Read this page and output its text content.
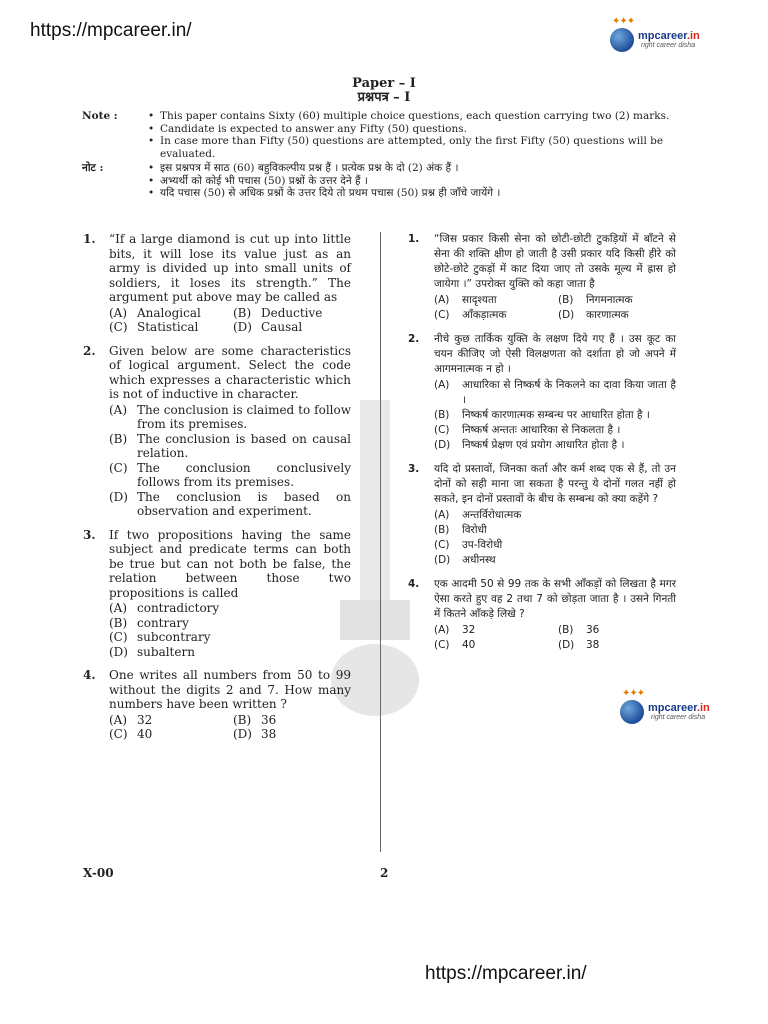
https://mpcareer.in/	✦✦✦
mpcareer.in
right career disha
Paper – I
प्रश्नपत्र – I
Note :	• This paper contains Sixty (60) multiple choice questions, each question carrying two (2) marks.
• Candidate is expected to answer any Fifty (50) questions.
• In case more than Fifty (50) questions are attempted, only the first Fifty (50) questions will be evaluated.
नोट :	• इस प्रश्नपत्र में साठ (60) बहुविकल्पीय प्रश्न हैं । प्रत्येक प्रश्न के दो (2) अंक हैं ।
• अभ्यर्थी को कोई भी पचास (50) प्रश्नों के उत्तर देने हैं ।
• यदि पचास (50) से अधिक प्रश्नों के उत्तर दिये तो प्रथम पचास (50) प्रश्न ही जाँचे जायेंगे ।
1.	“If a large diamond is cut up into little bits, it will lose its value just as an army is divided up into small units of soldiers, it loses its strength.” The argument put above may be called as
(A) Analogical	(B) Deductive
(C) Statistical	(D) Causal
2.	Given below are some characteristics of logical argument. Select the code which expresses a characteristic which is not of inductive in character.
(A) The conclusion is claimed to follow from its premises.
(B) The conclusion is based on causal relation.
(C) The conclusion conclusively follows from its premises.
(D) The conclusion is based on observation and experiment.
3.	If two propositions having the same subject and predicate terms can both be true but can not both be false, the relation between those two propositions is called
(A) contradictory
(B) contrary
(C) subcontrary
(D) subaltern
4.	One writes all numbers from 50 to 99 without the digits 2 and 7. How many numbers have been written ?
(A) 32	(B) 36
(C) 40	(D) 38
1.	“जिस प्रकार किसी सेना को छोटी-छोटी टुकड़ियों में बाँटने से सेना की शक्ति क्षीण हो जाती है उसी प्रकार यदि किसी हीरे को छोटे-छोटे टुकड़ों में काट दिया जाए तो उसके मूल्य में ह्रास हो जायेगा ।” उपरोक्त युक्ति को कहा जाता है
(A)	सादृश्यता	(B)	निगमनात्मक
(C)	आँकड़ात्मक	(D)	कारणात्मक
2.	नीचे कुछ तार्किक युक्ति के लक्षण दिये गए हैं । उस कूट का चयन कीजिए जो ऐसी विलक्षणता को दर्शाता हो जो अपने में आगमनात्मक न हो ।
(A)	आधारिका से निष्कर्ष के निकलने का दावा किया जाता है ।
(B)	निष्कर्ष कारणात्मक सम्बन्ध पर आधारित होता है ।
(C)	निष्कर्ष अन्ततः आधारिका से निकलता है ।
(D)	निष्कर्ष प्रेक्षण एवं प्रयोग आधारित होता है ।
3.	यदि दो प्रस्तावों, जिनका कर्ता और कर्म शब्द एक से हैं, तो उन दोनों को सही माना जा सकता है परन्तु ये दोनों गलत नहीं हो सकते, इन दोनों प्रस्तावों के बीच के सम्बन्ध को क्या कहेंगे ?
(A)	अन्तर्विरोधात्मक
(B)	विरोधी
(C)	उप-विरोधी
(D)	अधीनस्थ
4.	एक आदमी 50 से 99 तक के सभी आँकड़ों को लिखता है मगर ऐसा करते हुए वह 2 तथा 7 को छोड़ता जाता है । उसने गिनती में कितने आँकड़े लिखे ?
(A)	32	(B)	36
(C)	40	(D)	38
✦✦✦
mpcareer.in
right career disha
X-00	2
https://mpcareer.in/
